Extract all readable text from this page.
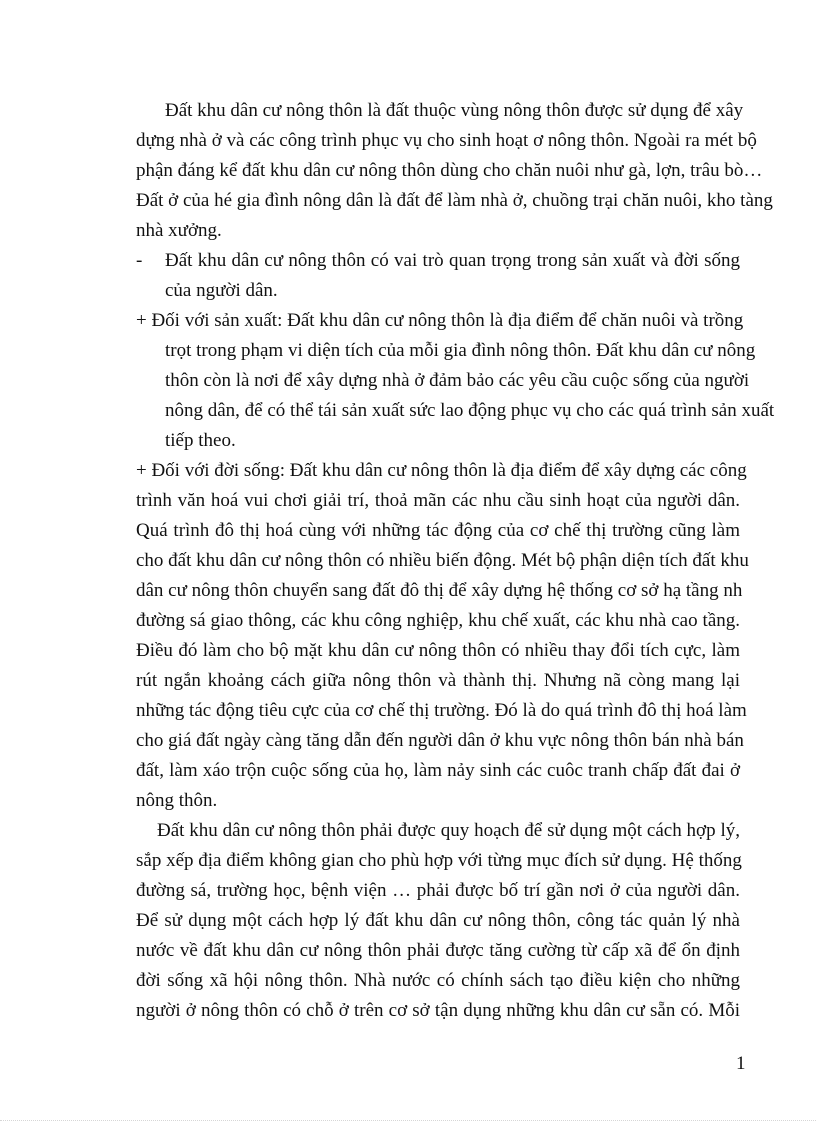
Đất khu dân cư nông thôn là đất thuộc vùng nông thôn được sử dụng để xây
dựng nhà ở và các công trình phục vụ cho sinh hoạt ơ nông thôn. Ngoài ra mét bộ
phận đáng kể đất khu dân cư nông thôn dùng cho chăn nuôi như gà, lợn, trâu bò…
Đất ở của hé gia đình nông dân là đất để làm nhà ở, chuồng trại chăn nuôi, kho tàng
nhà xưởng.
- Đất khu dân cư nông thôn có vai trò quan trọng trong sản xuất và đời sống
của người dân.
+ Đối với sản xuất: Đất khu dân cư nông thôn là địa điểm để chăn nuôi và trồng
trọt trong phạm vi diện tích của mỗi gia đình nông thôn. Đất khu dân cư nông
thôn còn là nơi để xây dựng nhà ở đảm bảo các yêu cầu cuộc sống của người
nông dân, để có thể tái sản xuất sức lao động phục vụ cho các quá trình sản xuất
tiếp theo.
+ Đối với đời sống: Đất khu dân cư nông thôn là địa điểm để xây dựng các công
trình văn hoá vui chơi giải trí, thoả mãn các nhu cầu sinh hoạt của người dân.
Quá trình đô thị hoá cùng với những tác động của cơ chế thị trường cũng làm
cho đất khu dân cư nông thôn có nhiều biến động. Mét bộ phận diện tích đất khu
dân cư nông thôn chuyển sang đất đô thị để xây dựng hệ thống cơ sở hạ tầng nh
đường sá giao thông, các khu công nghiệp, khu chế xuất, các khu nhà cao tầng.
Điều đó làm cho bộ mặt khu dân cư nông thôn có nhiều thay đổi tích cực, làm
rút ngắn khoảng cách giữa nông thôn và thành thị. Nhưng nã còng mang lại
những tác động tiêu cực của cơ chế thị trường. Đó là do quá trình đô thị hoá làm
cho giá đất ngày càng tăng dẫn đến người dân ở khu vực nông thôn bán nhà bán
đất, làm xáo trộn cuộc sống của họ, làm nảy sinh các cuôc tranh chấp đất đai ở
nông thôn.
Đất khu dân cư nông thôn phải được quy hoạch để sử dụng một cách hợp lý,
sắp xếp địa điểm không gian cho phù hợp với từng mục đích sử dụng. Hệ thống
đường sá, trường học, bệnh viện … phải được bố trí gần nơi ở của người dân.
Để sử dụng một cách hợp lý đất khu dân cư nông thôn, công tác quản lý nhà
nước về đất khu dân cư nông thôn phải được tăng cường từ cấp xã để ổn định
đời sống xã hội nông thôn. Nhà nước có chính sách tạo điều kiện cho những
người ở nông thôn có chỗ ở trên cơ sở tận dụng những khu dân cư sẵn có. Mỗi
1
